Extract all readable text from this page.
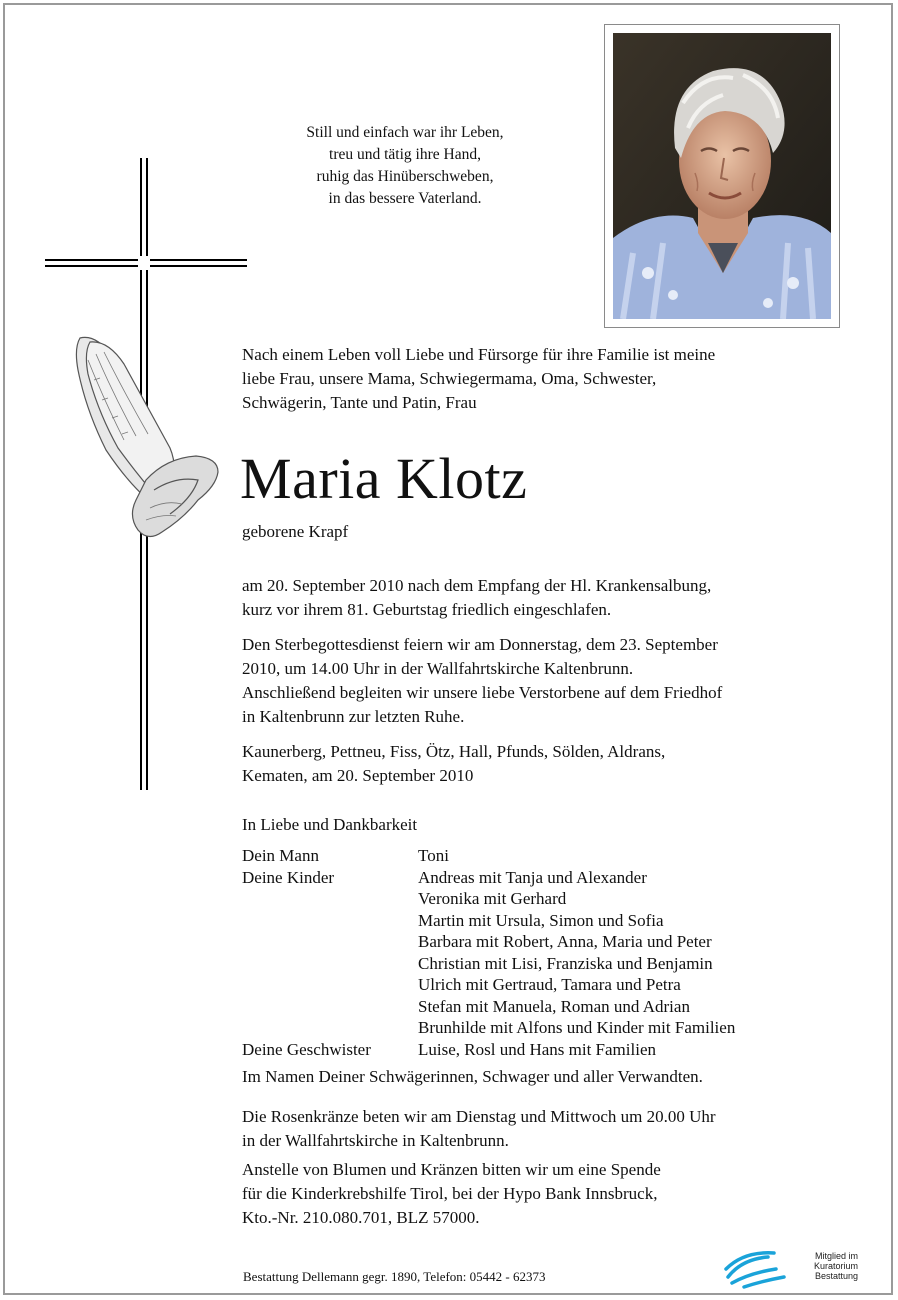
Still und einfach war ihr Leben,
treu und tätig ihre Hand,
ruhig das Hinüberschweben,
in das bessere Vaterland.
Nach einem Leben voll Liebe und Fürsorge für ihre Familie ist meine
liebe Frau, unsere Mama, Schwiegermama, Oma, Schwester,
Schwägerin, Tante und Patin, Frau
Maria Klotz
geborene Krapf
am 20. September 2010 nach dem Empfang der Hl. Krankensalbung,
kurz vor ihrem 81. Geburtstag friedlich eingeschlafen.
Den Sterbegottesdienst feiern wir am Donnerstag, dem 23. September
2010, um 14.00 Uhr in der Wallfahrtskirche Kaltenbrunn.
Anschließend begleiten wir unsere liebe Verstorbene auf dem Friedhof
in Kaltenbrunn zur letzten Ruhe.
Kaunerberg, Pettneu, Fiss, Ötz, Hall, Pfunds, Sölden, Aldrans,
Kematen, am 20. September 2010
In Liebe und Dankbarkeit
Dein Mann	Toni
Deine Kinder	Andreas mit Tanja und Alexander
Veronika mit Gerhard
Martin mit Ursula, Simon und Sofia
Barbara mit Robert, Anna, Maria und Peter
Christian mit Lisi, Franziska und Benjamin
Ulrich mit Gertraud, Tamara und Petra
Stefan mit Manuela, Roman und Adrian
Brunhilde mit Alfons und Kinder mit Familien
Deine Geschwister	Luise, Rosl und Hans mit Familien
Im Namen Deiner Schwägerinnen, Schwager und aller Verwandten.
Die Rosenkränze beten wir am Dienstag und Mittwoch um 20.00 Uhr
in der Wallfahrtskirche in Kaltenbrunn.
Anstelle von Blumen und Kränzen bitten wir um eine Spende
für die Kinderkrebshilfe Tirol, bei der Hypo Bank Innsbruck,
Kto.-Nr. 210.080.701, BLZ 57000.
Bestattung Dellemann gegr. 1890, Telefon: 05442 - 62373
Mitglied im
Kuratorium Bestattung
